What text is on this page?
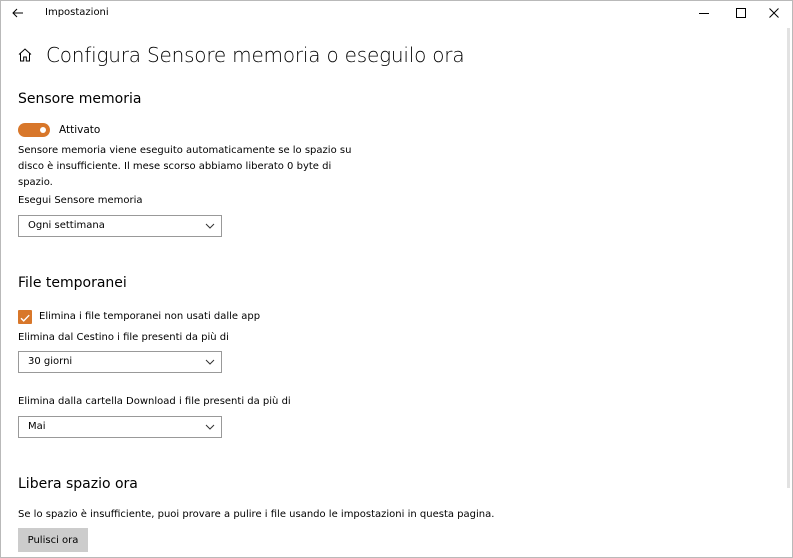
Impostazioni
Configura Sensore memoria o eseguilo ora
Sensore memoria
Attivato
Sensore memoria viene eseguito automaticamente se lo spazio su
disco è insufficiente. Il mese scorso abbiamo liberato 0 byte di
spazio.
Esegui Sensore memoria
Ogni settimana
File temporanei
Elimina i file temporanei non usati dalle app
Elimina dal Cestino i file presenti da più di
30 giorni
Elimina dalla cartella Download i file presenti da più di
Mai
Libera spazio ora
Se lo spazio è insufficiente, puoi provare a pulire i file usando le impostazioni in questa pagina.
Pulisci ora
